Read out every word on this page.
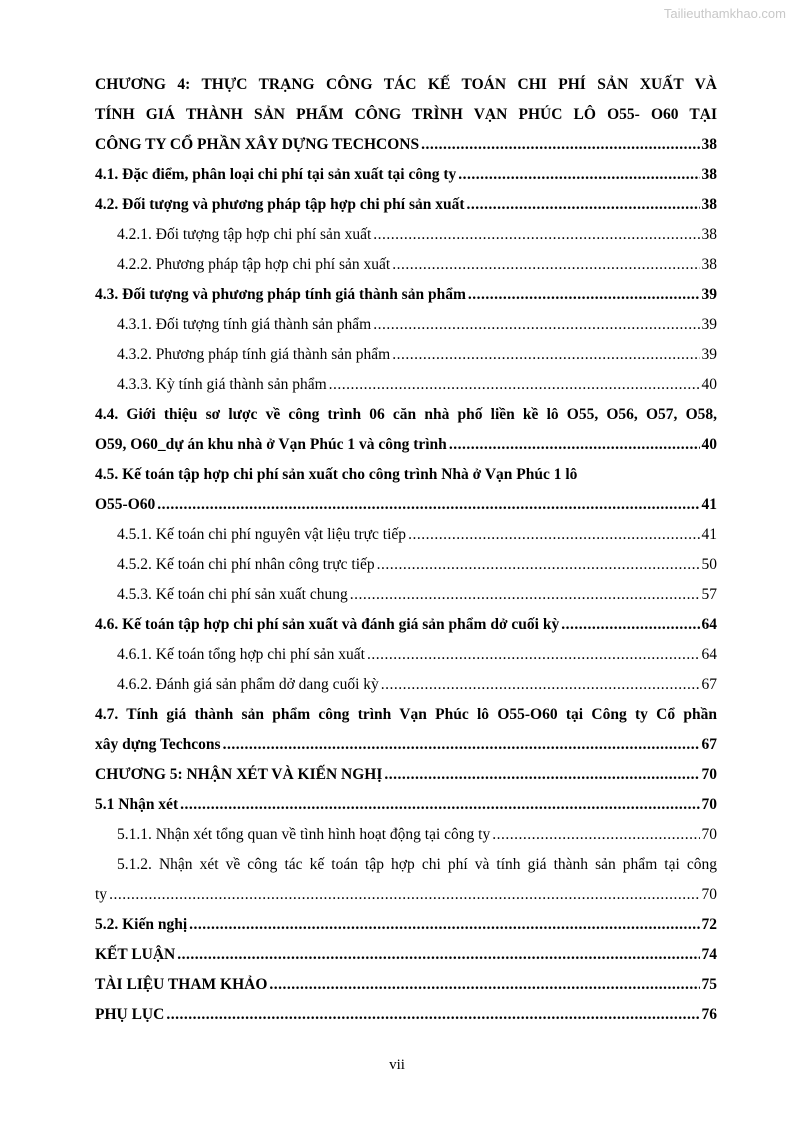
Tailieuthamkhao.com
CHƯƠNG 4: THỰC TRẠNG CÔNG TÁC KẾ TOÁN CHI PHÍ SẢN XUẤT VÀ
TÍNH GIÁ THÀNH SẢN PHẨM CÔNG TRÌNH VẠN PHÚC LÔ O55- O60 TẠI
CÔNG TY CỔ PHẦN XÂY DỰNG TECHCONS .....	38
4.1. Đặc điểm, phân loại chi phí tại sản xuất tại công ty .....	38
4.2. Đối tượng và phương pháp tập hợp chi phí sản xuất .....	38
4.2.1. Đối tượng tập hợp chi phí sản xuất .....	38
4.2.2. Phương pháp tập hợp chi phí sản xuất .....	38
4.3. Đối tượng và phương pháp tính giá thành sản phẩm .....	39
4.3.1. Đối tượng tính giá thành sản phẩm .....	39
4.3.2. Phương pháp tính giá thành sản phẩm .....	39
4.3.3. Kỳ tính giá thành sản phẩm .....	40
4.4. Giới thiệu sơ lược về công trình 06 căn nhà phố liền kề lô O55, O56, O57, O58,
O59, O60_dự án khu nhà ở Vạn Phúc 1 và công trình .....	40
4.5. Kế toán tập hợp chi phí sản xuất cho công trình Nhà ở Vạn Phúc 1 lô
O55-O60 .....	41
4.5.1. Kế toán chi phí nguyên vật liệu trực tiếp .....	41
4.5.2. Kế toán chi phí nhân công trực tiếp .....	50
4.5.3. Kế toán chi phí sản xuất chung .....	57
4.6. Kế toán tập hợp chi phí sản xuất và đánh giá sản phẩm dở cuối kỳ .....	64
4.6.1. Kế toán tổng hợp chi phí sản xuất .....	64
4.6.2. Đánh giá sản phẩm dở dang cuối kỳ .....	67
4.7. Tính giá thành sản phẩm công trình Vạn Phúc lô O55-O60 tại Công ty Cổ phần
xây dựng Techcons .....	67
CHƯƠNG 5: NHẬN XÉT VÀ KIẾN NGHỊ .....	70
5.1 Nhận xét .....	70
5.1.1. Nhận xét tổng quan về tình hình hoạt động tại công ty .....	70
5.1.2. Nhận xét về công tác kế toán tập hợp chi phí và tính giá thành sản phẩm tại công
ty .....	70
5.2. Kiến nghị .....	72
KẾT LUẬN .....	74
TÀI LIỆU THAM KHẢO .....	75
PHỤ LỤC .....	76
vii
